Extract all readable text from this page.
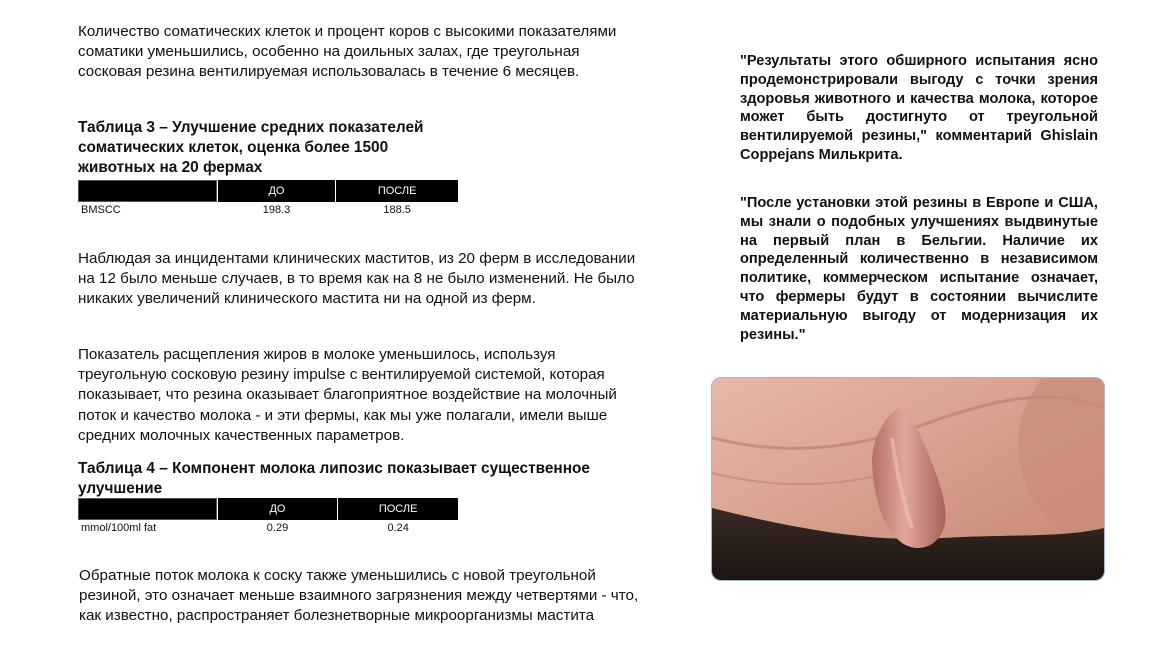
Количество соматических клеток и процент коров с высокими показателями соматики уменьшились, особенно на доильных залах, где треугольная сосковая резина вентилируемая использовалась в течение 6 месяцев.

Таблица 3 – Улучшение средних показателей соматических клеток, оценка более 1500 животных на 20 фермах

	ДО	ПОСЛЕ
BMSCC	198.3	188.5

Наблюдая за инцидентами клинических маститов, из 20 ферм в исследовании на 12 было меньше случаев, в то время как на 8 не было изменений. Не было никаких увеличений клинического мастита ни на одной из ферм.

Показатель расщепления жиров в молоке уменьшилось, используя треугольную сосковую резину impulse с вентилируемой системой, которая показывает, что резина оказывает благоприятное воздействие на молочный поток и качество молока - и эти фермы, как мы уже полагали, имели выше средних молочных качественных параметров.

Таблица 4 – Компонент молока липозис показывает существенное улучшение

	ДО	ПОСЛЕ
mmol/100ml fat	0.29	0.24

Обратные поток молока к соску также уменьшились с новой треугольной резиной, это означает меньше взаимного загрязнения между четвертями - что, как известно, распространяет болезнетворные микроорганизмы мастита

"Результаты этого обширного испытания ясно продемонстрировали выгоду с точки зрения здоровья животного и качества молока, которое может быть достигнуто от треугольной вентилируемой резины," комментарий Ghislain Coppejans Милькрита.

"После установки этой резины в Европе и США, мы знали о подобных улучшениях выдвинутые на первый план в Бельгии. Наличие их определенный количественно в независимом политике, коммерческом испытание означает, что фермеры будут в состоянии вычислите материальную выгоду от модернизация их резины."
